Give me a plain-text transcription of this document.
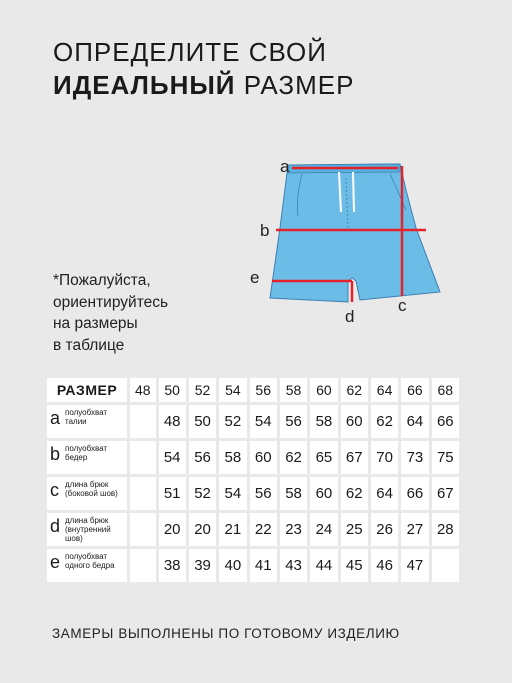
ОПРЕДЕЛИТЕ СВОЙ
ИДЕАЛЬНЫЙ РАЗМЕР
*Пожалуйста,
ориентируйтесь
на размеры
в таблице
a
b
e
c
d
РАЗМЕР	48	50	52	54	56	58	60	62	64	66	68

a полуобхват талии		48	50	52	54	56	58	60	62	64	66

b полуобхват бедер		54	56	58	60	62	65	67	70	73	75

c длина брюк (боковой шов)		51	52	54	56	58	60	62	64	66	67

d длина брюк (внутренний шов)		20	20	21	22	23	24	25	26	27	28

e полуобхват одного бедра		38	39	40	41	43	44	45	46	47	
ЗАМЕРЫ ВЫПОЛНЕНЫ ПО ГОТОВОМУ ИЗДЕЛИЮ
